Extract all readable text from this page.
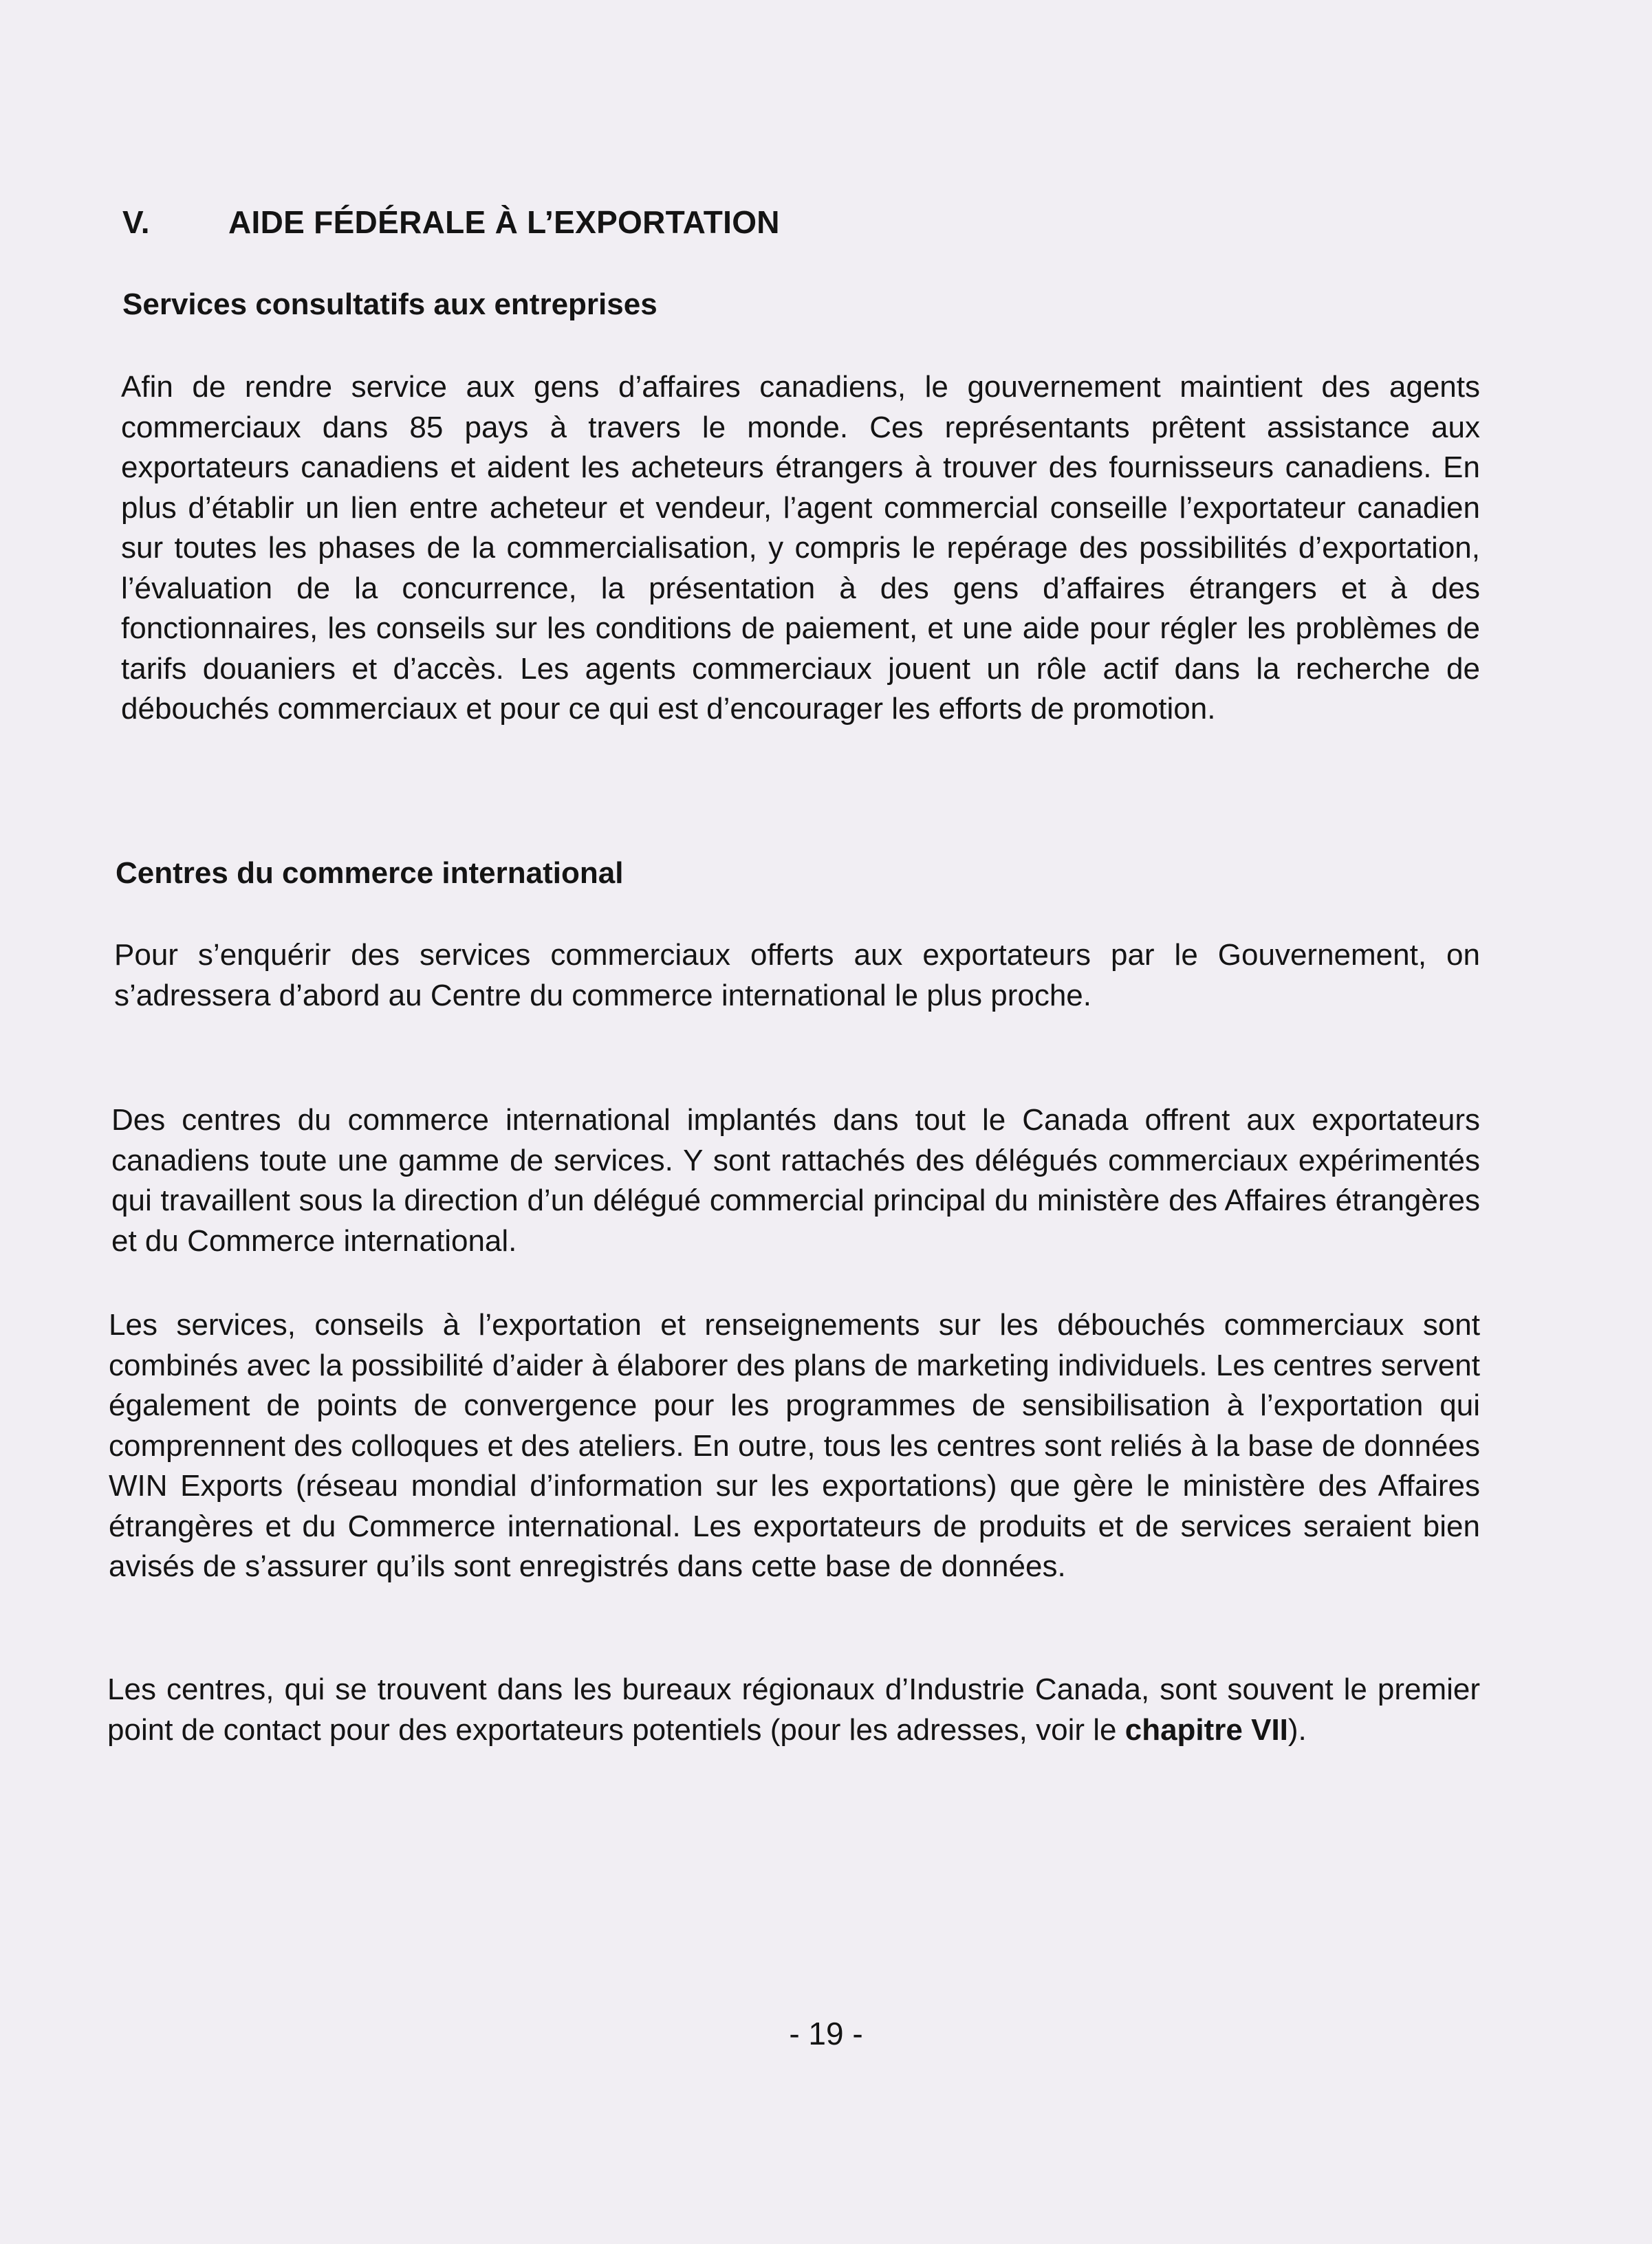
V. AIDE FÉDÉRALE À L’EXPORTATION
Services consultatifs aux entreprises

Afin de rendre service aux gens d’affaires canadiens, le gouvernement maintient des agents commerciaux dans 85 pays à travers le monde. Ces représentants prêtent assistance aux exportateurs canadiens et aident les acheteurs étrangers à trouver des fournisseurs canadiens. En plus d’établir un lien entre acheteur et vendeur, l’agent commercial conseille l’exportateur canadien sur toutes les phases de la commercialisation, y compris le repérage des possibilités d’exportation, l’évaluation de la concurrence, la présentation à des gens d’affaires étrangers et à des fonctionnaires, les conseils sur les conditions de paiement, et une aide pour régler les problèmes de tarifs douaniers et d’accès. Les agents commerciaux jouent un rôle actif dans la recherche de débouchés commerciaux et pour ce qui est d’encourager les efforts de promotion.

Centres du commerce international

Pour s’enquérir des services commerciaux offerts aux exportateurs par le Gouvernement, on s’adressera d’abord au Centre du commerce international le plus proche.

Des centres du commerce international implantés dans tout le Canada offrent aux exportateurs canadiens toute une gamme de services. Y sont rattachés des délégués commerciaux expérimentés qui travaillent sous la direction d’un délégué commercial principal du ministère des Affaires étrangères et du Commerce international.

Les services, conseils à l’exportation et renseignements sur les débouchés commerciaux sont combinés avec la possibilité d’aider à élaborer des plans de marketing individuels. Les centres servent également de points de convergence pour les programmes de sensibilisation à l’exportation qui comprennent des colloques et des ateliers. En outre, tous les centres sont reliés à la base de données WIN Exports (réseau mondial d’information sur les exportations) que gère le ministère des Affaires étrangères et du Commerce international. Les exportateurs de produits et de services seraient bien avisés de s’assurer qu’ils sont enregistrés dans cette base de données.

Les centres, qui se trouvent dans les bureaux régionaux d’Industrie Canada, sont souvent le premier point de contact pour des exportateurs potentiels (pour les adresses, voir le chapitre VII).

- 19 -
